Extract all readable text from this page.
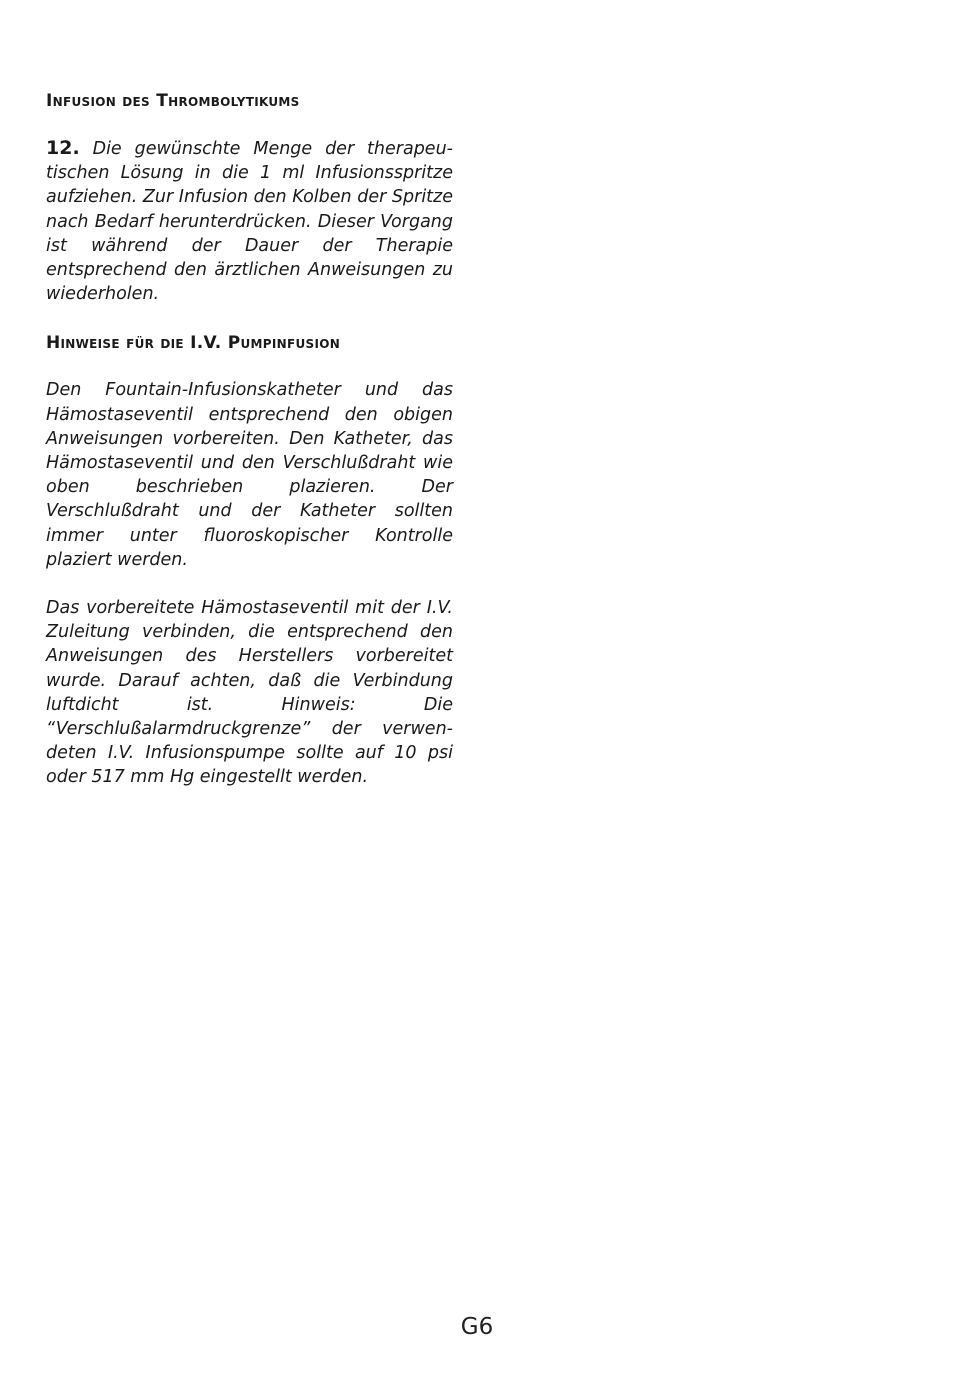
Infusion des Thrombolytikums

12. Die gewünschte Menge der therapeutischen Lösung in die 1 ml Infusionsspritze aufziehen. Zur Infusion den Kolben der Spritze nach Bedarf herunterdrücken. Dieser Vorgang ist während der Dauer der Therapie entsprechend den ärztlichen Anweisungen zu wiederholen.

Hinweise für die I.V. Pumpinfusion

Den Fountain-Infusionskatheter und das Hämostaseventil entsprechend den obigen Anweisungen vorbereiten. Den Katheter, das Hämostaseventil und den Verschlußdraht wie oben beschrieben plazieren. Der Verschlußdraht und der Katheter sollten immer unter fluoroskopischer Kontrolle plaziert werden.

Das vorbereitete Hämostaseventil mit der I.V. Zuleitung verbinden, die entsprechend den Anweisungen des Herstellers vorbereitet wurde. Darauf achten, daß die Verbindung luftdicht ist. Hinweis: Die “Verschlußalarmdruckgrenze” der verwendeten I.V. Infusionspumpe sollte auf 10 psi oder 517 mm Hg eingestellt werden.

G6
